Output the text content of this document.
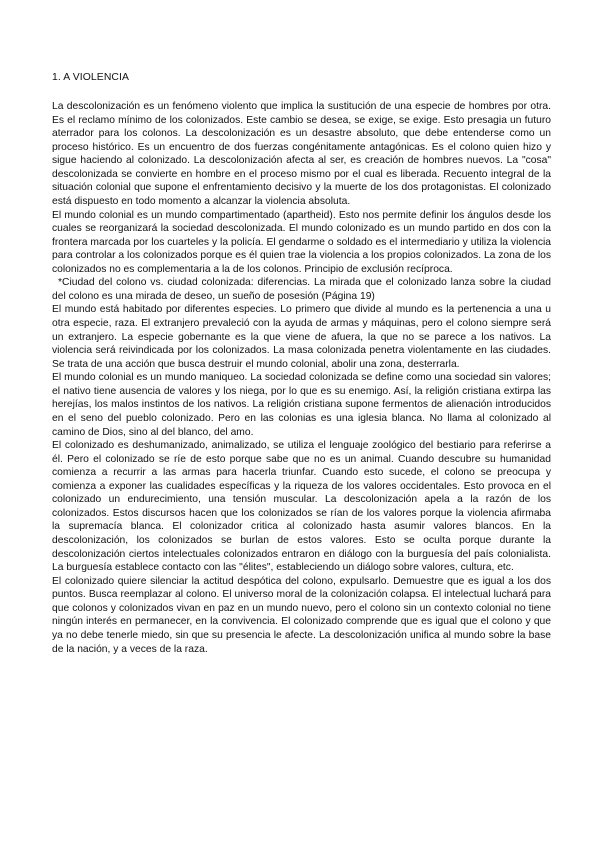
1. A VIOLENCIA

La descolonización es un fenómeno violento que implica la sustitución de una especie de hombres por otra. Es el reclamo mínimo de los colonizados. Este cambio se desea, se exige, se exige. Esto presagia un futuro aterrador para los colonos. La descolonización es un desastre absoluto, que debe entenderse como un proceso histórico. Es un encuentro de dos fuerzas congénitamente antagónicas. Es el colono quien hizo y sigue haciendo al colonizado. La descolonización afecta al ser, es creación de hombres nuevos. La "cosa" descolonizada se convierte en hombre en el proceso mismo por el cual es liberada. Recuento integral de la situación colonial que supone el enfrentamiento decisivo y la muerte de los dos protagonistas. El colonizado está dispuesto en todo momento a alcanzar la violencia absoluta.

El mundo colonial es un mundo compartimentado (apartheid). Esto nos permite definir los ángulos desde los cuales se reorganizará la sociedad descolonizada. El mundo colonizado es un mundo partido en dos con la frontera marcada por los cuarteles y la policía. El gendarme o soldado es el intermediario y utiliza la violencia para controlar a los colonizados porque es él quien trae la violencia a los propios colonizados. La zona de los colonizados no es complementaria a la de los colonos. Principio de exclusión recíproca.

*Ciudad del colono vs. ciudad colonizada: diferencias. La mirada que el colonizado lanza sobre la ciudad del colono es una mirada de deseo, un sueño de posesión (Página 19)

El mundo está habitado por diferentes especies. Lo primero que divide al mundo es la pertenencia a una u otra especie, raza. El extranjero prevaleció con la ayuda de armas y máquinas, pero el colono siempre será un extranjero. La especie gobernante es la que viene de afuera, la que no se parece a los nativos. La violencia será reivindicada por los colonizados. La masa colonizada penetra violentamente en las ciudades. Se trata de una acción que busca destruir el mundo colonial, abolir una zona, desterrarla.

El mundo colonial es un mundo maniqueo. La sociedad colonizada se define como una sociedad sin valores; el nativo tiene ausencia de valores y los niega, por lo que es su enemigo. Así, la religión cristiana extirpa las herejías, los malos instintos de los nativos. La religión cristiana supone fermentos de alienación introducidos en el seno del pueblo colonizado. Pero en las colonias es una iglesia blanca. No llama al colonizado al camino de Dios, sino al del blanco, del amo.

El colonizado es deshumanizado, animalizado, se utiliza el lenguaje zoológico del bestiario para referirse a él. Pero el colonizado se ríe de esto porque sabe que no es un animal. Cuando descubre su humanidad comienza a recurrir a las armas para hacerla triunfar. Cuando esto sucede, el colono se preocupa y comienza a exponer las cualidades específicas y la riqueza de los valores occidentales. Esto provoca en el colonizado un endurecimiento, una tensión muscular. La descolonización apela a la razón de los colonizados. Estos discursos hacen que los colonizados se rían de los valores porque la violencia afirmaba la supremacía blanca. El colonizador critica al colonizado hasta asumir valores blancos. En la descolonización, los colonizados se burlan de estos valores. Esto se oculta porque durante la descolonización ciertos intelectuales colonizados entraron en diálogo con la burguesía del país colonialista. La burguesía establece contacto con las "élites", estableciendo un diálogo sobre valores, cultura, etc.

El colonizado quiere silenciar la actitud despótica del colono, expulsarlo. Demuestre que es igual a los dos puntos. Busca reemplazar al colono. El universo moral de la colonización colapsa. El intelectual luchará para que colonos y colonizados vivan en paz en un mundo nuevo, pero el colono sin un contexto colonial no tiene ningún interés en permanecer, en la convivencia. El colonizado comprende que es igual que el colono y que ya no debe tenerle miedo, sin que su presencia le afecte. La descolonización unifica al mundo sobre la base de la nación, y a veces de la raza.
